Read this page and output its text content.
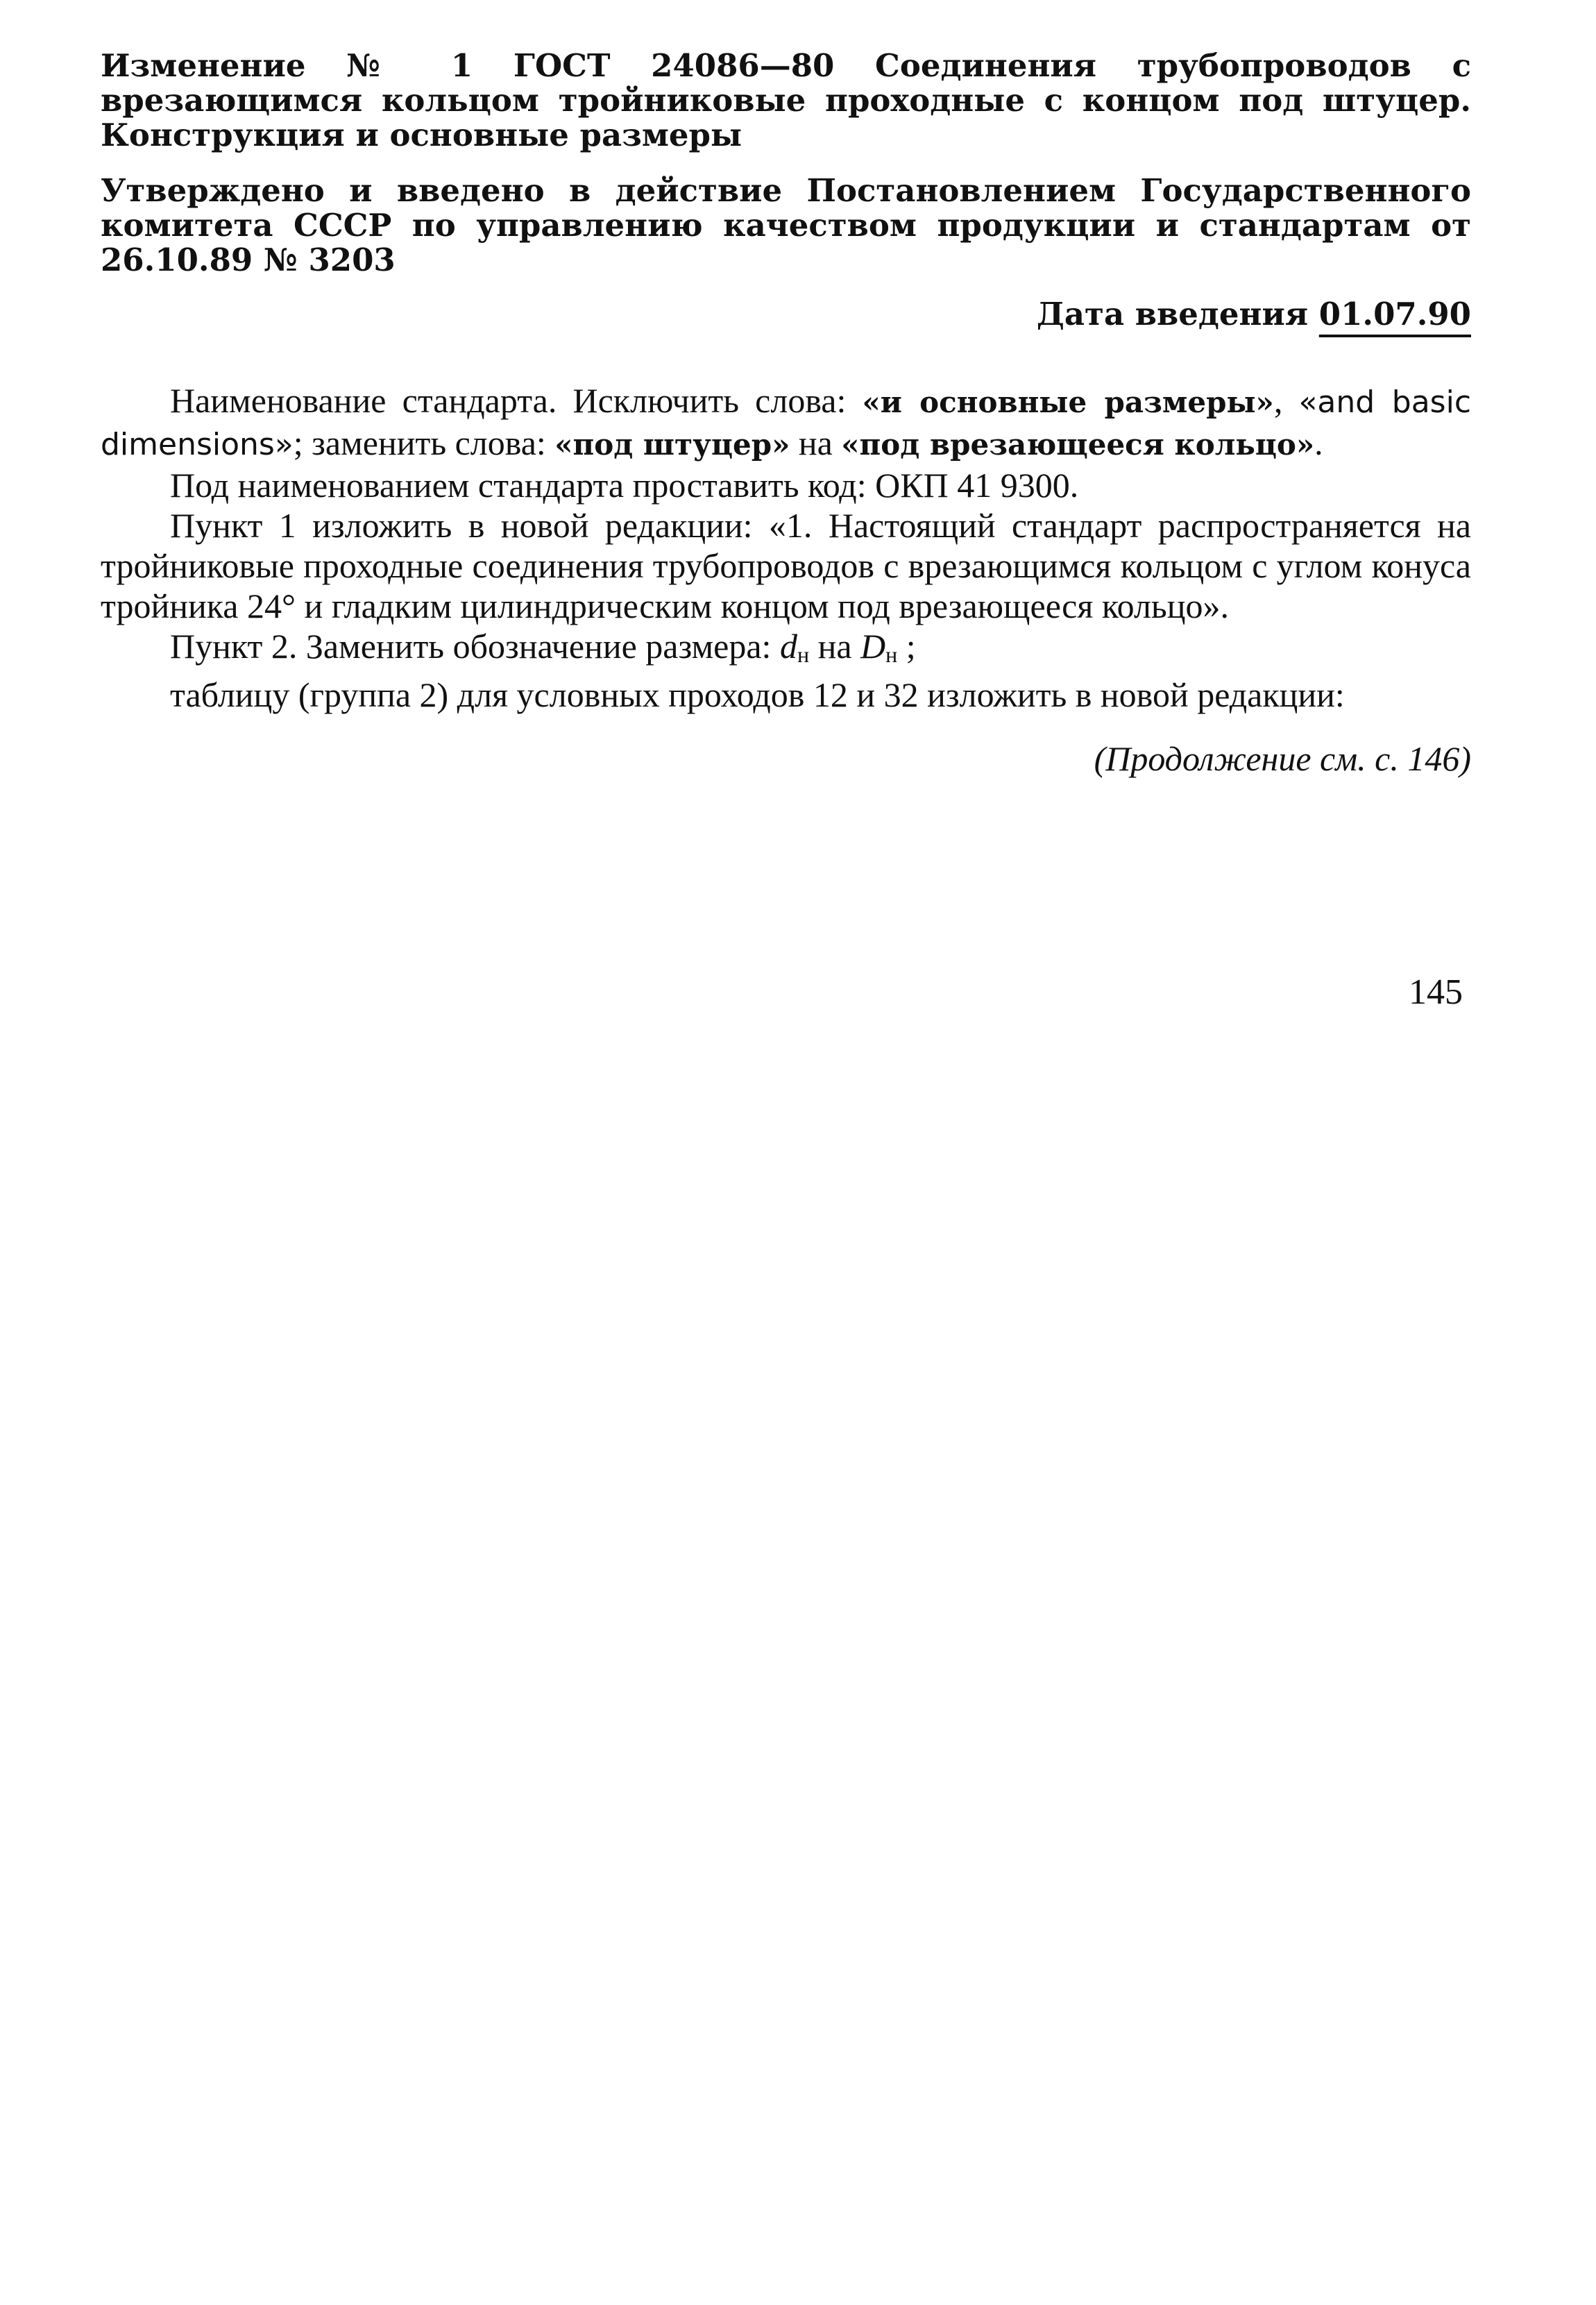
Изменение № 1 ГОСТ 24086—80 Соединения трубопроводов с врезающимся кольцом тройниковые проходные с концом под штуцер. Конструкция и основные размеры

Утверждено и введено в действие Постановлением Государственного комитета СССР по управлению качеством продукции и стандартам от 26.10.89 № 3203

Дата введения 01.07.90

Наименование стандарта. Исключить слова: «и основные размеры», «and basic dimensions»; заменить слова: «под штуцер» на «под врезающееся кольцо».

Под наименованием стандарта проставить код: ОКП 41 9300.

Пункт 1 изложить в новой редакции: «1. Настоящий стандарт распространяется на тройниковые проходные соединения трубопроводов с врезающимся кольцом с углом конуса тройника 24° и гладким цилиндрическим концом под врезающееся кольцо».

Пункт 2. Заменить обозначение размера: dн на Dн ;

таблицу (группа 2) для условных проходов 12 и 32 изложить в новой редакции:

(Продолжение см. с. 146)
145
